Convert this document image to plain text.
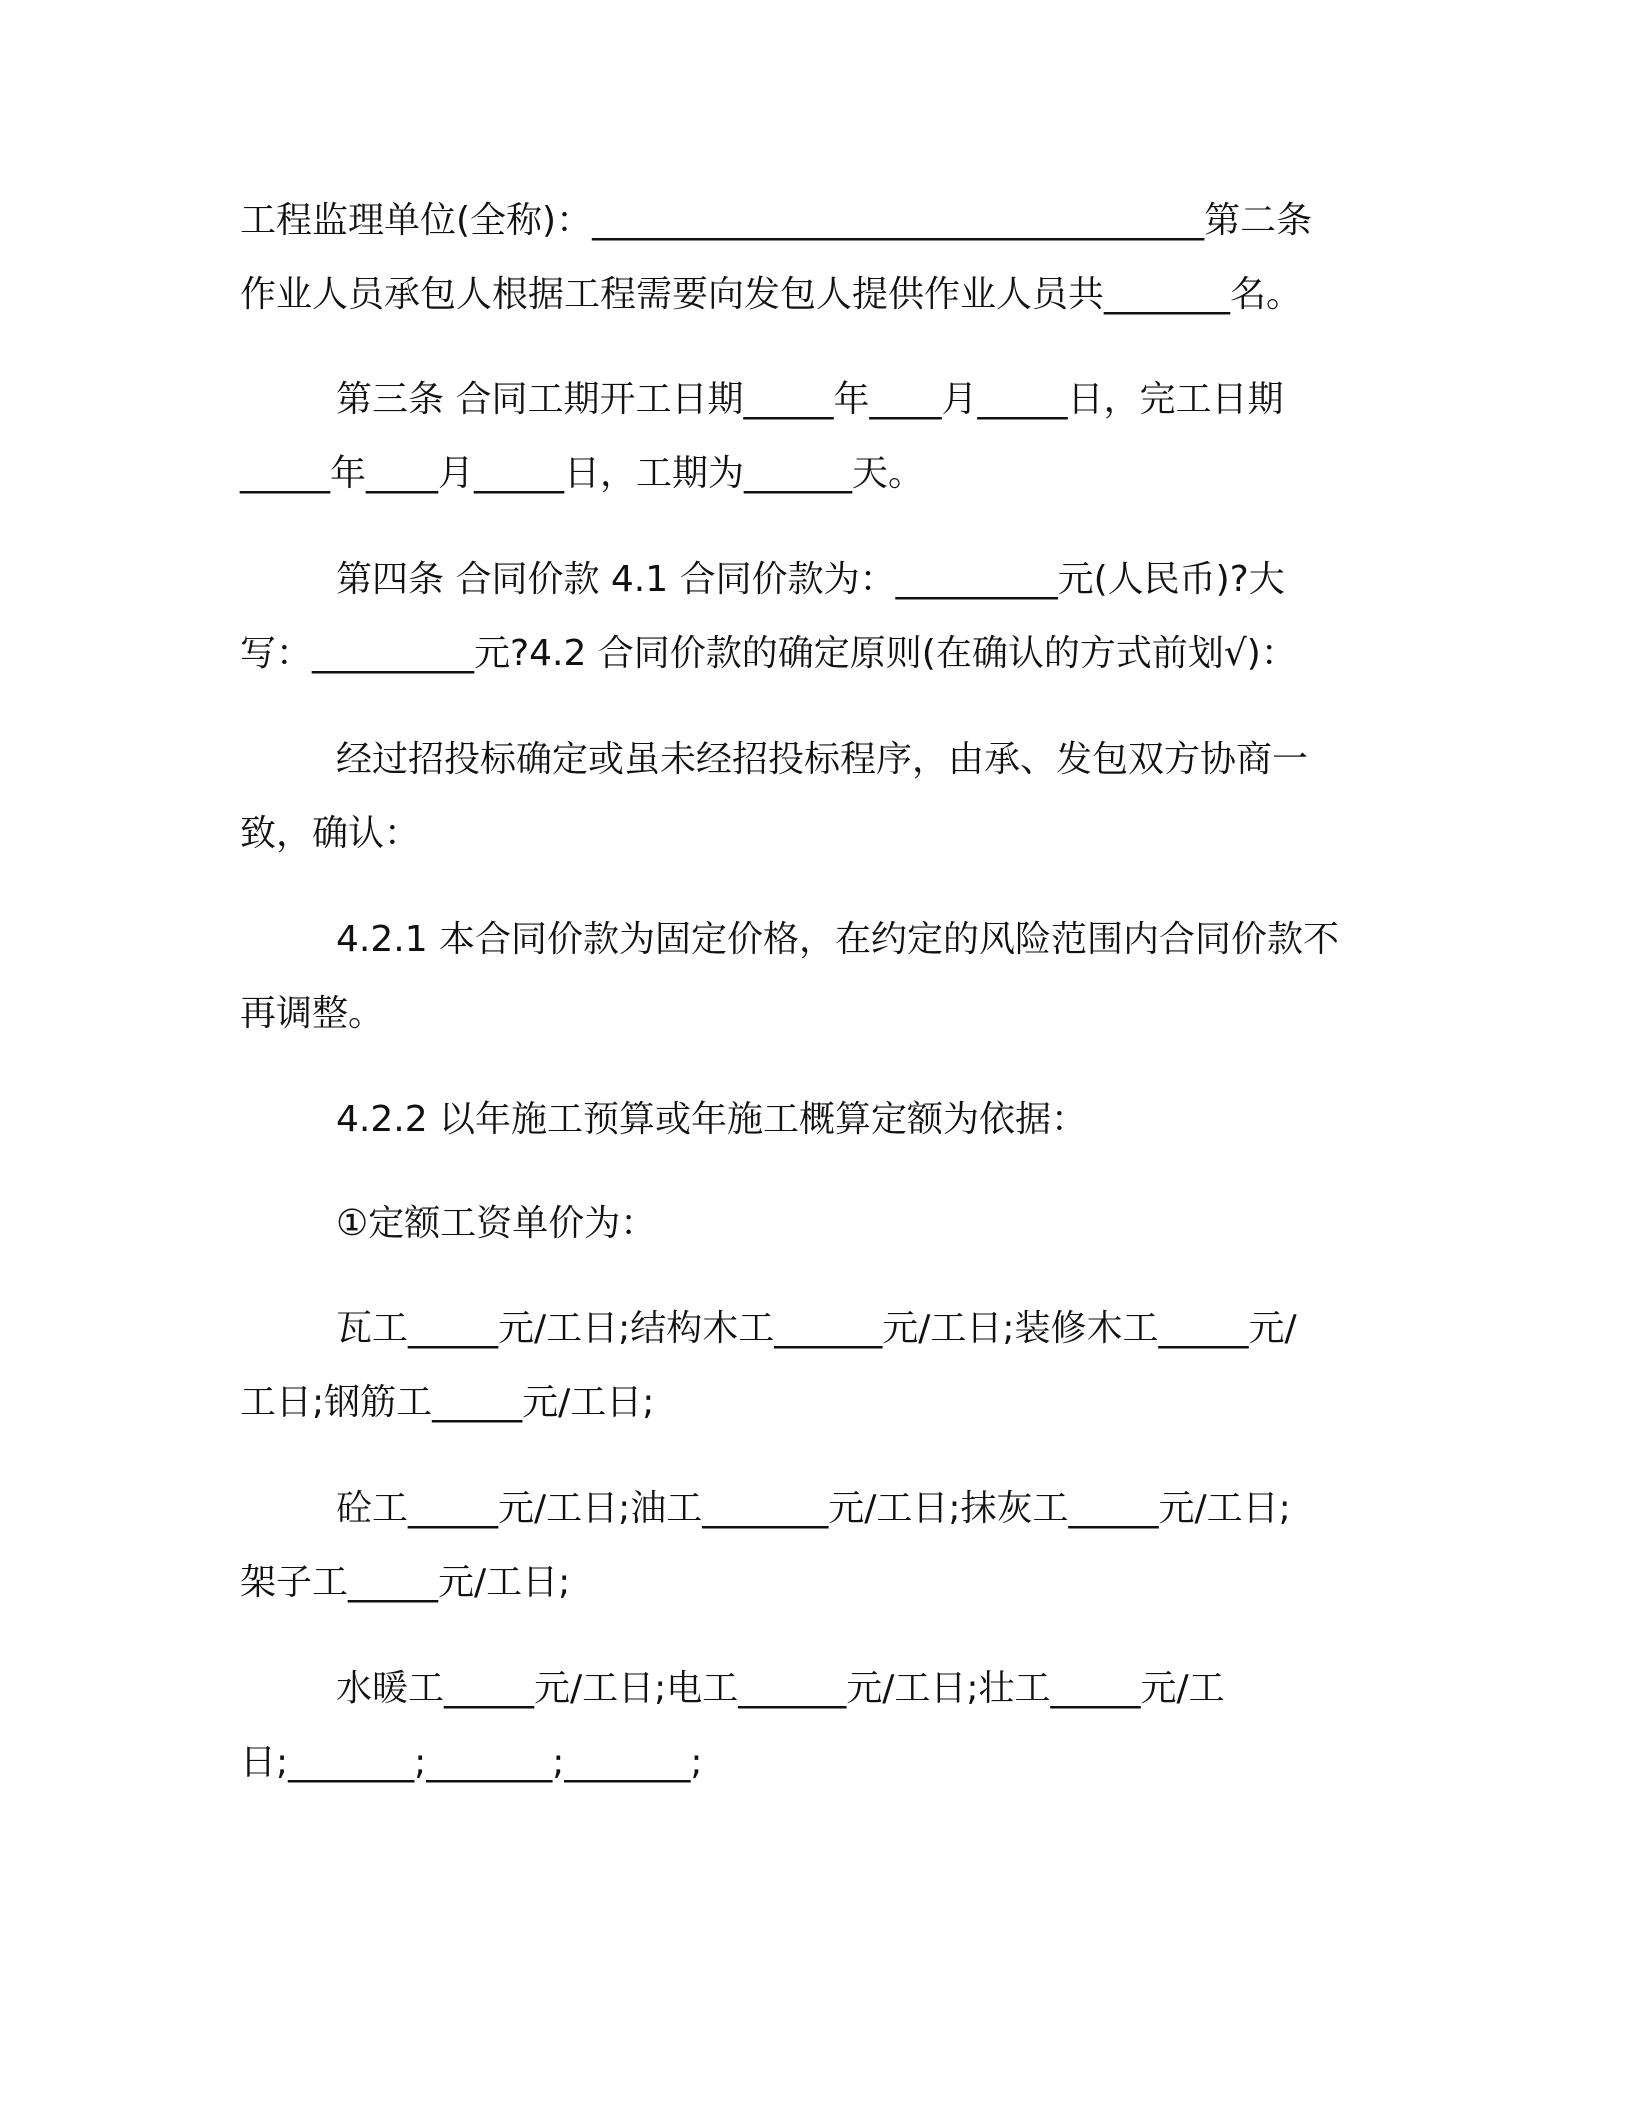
工程监理单位(全称)：__________________________________第二条

作业人员承包人根据工程需要向发包人提供作业人员共_______名。

第三条 合同工期开工日期_____年____月_____日，完工日期

_____年____月_____日，工期为______天。

第四条 合同价款 4.1 合同价款为：_________元(人民币)?大

写：_________元?4.2 合同价款的确定原则(在确认的方式前划√)：

经过招投标确定或虽未经招投标程序，由承、发包双方协商一

致，确认：

4.2.1 本合同价款为固定价格，在约定的风险范围内合同价款不

再调整。

4.2.2 以年施工预算或年施工概算定额为依据：

①定额工资单价为：

瓦工_____元/工日;结构木工______元/工日;装修木工_____元/

工日;钢筋工_____元/工日;

砼工_____元/工日;油工_______元/工日;抹灰工_____元/工日;

架子工_____元/工日;

水暖工_____元/工日;电工______元/工日;壮工_____元/工

日;_______;_______;_______;
